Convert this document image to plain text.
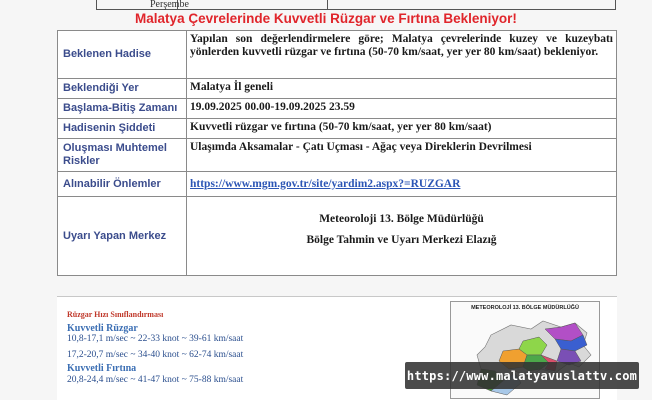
Perşembe
Malatya Çevrelerinde Kuvvetli Rüzgar ve Fırtına Bekleniyor!
Beklenen Hadise	Yapılan son değerlendirmelere göre; Malatya çevrelerinde kuzey ve kuzeybatı yönlerden kuvvetli rüzgar ve fırtına (50-70 km/saat, yer yer 80 km/saat) bekleniyor.
Beklendiği Yer	Malatya İl geneli
Başlama-Bitiş Zamanı	19.09.2025 00.00-19.09.2025 23.59
Hadisenin Şiddeti	Kuvvetli rüzgar ve fırtına (50-70 km/saat, yer yer 80 km/saat)
Oluşması Muhtemel Riskler	Ulaşımda Aksamalar - Çatı Uçması - Ağaç veya Direklerin Devrilmesi
Alınabilir Önlemler	https://www.mgm.gov.tr/site/yardim2.aspx?=RUZGAR
Uyarı Yapan Merkez	Meteoroloji 13. Bölge Müdürlüğü
Bölge Tahmin ve Uyarı Merkezi Elazığ
Rüzgar Hızı Sınıflandırması
Kuvvetli Rüzgar
10,8-17,1 m/sec ~ 22-33 knot ~ 39-61 km/saat
17,2-20,7 m/sec ~ 34-40 knot ~ 62-74 km/saat
Kuvvetli Fırtına
20,8-24,4 m/sec ~ 41-47 knot ~ 75-88 km/saat
METEOROLOJİ 13. BÖLGE MÜDÜRLÜĞÜ
https://www.malatyavuslattv.com
